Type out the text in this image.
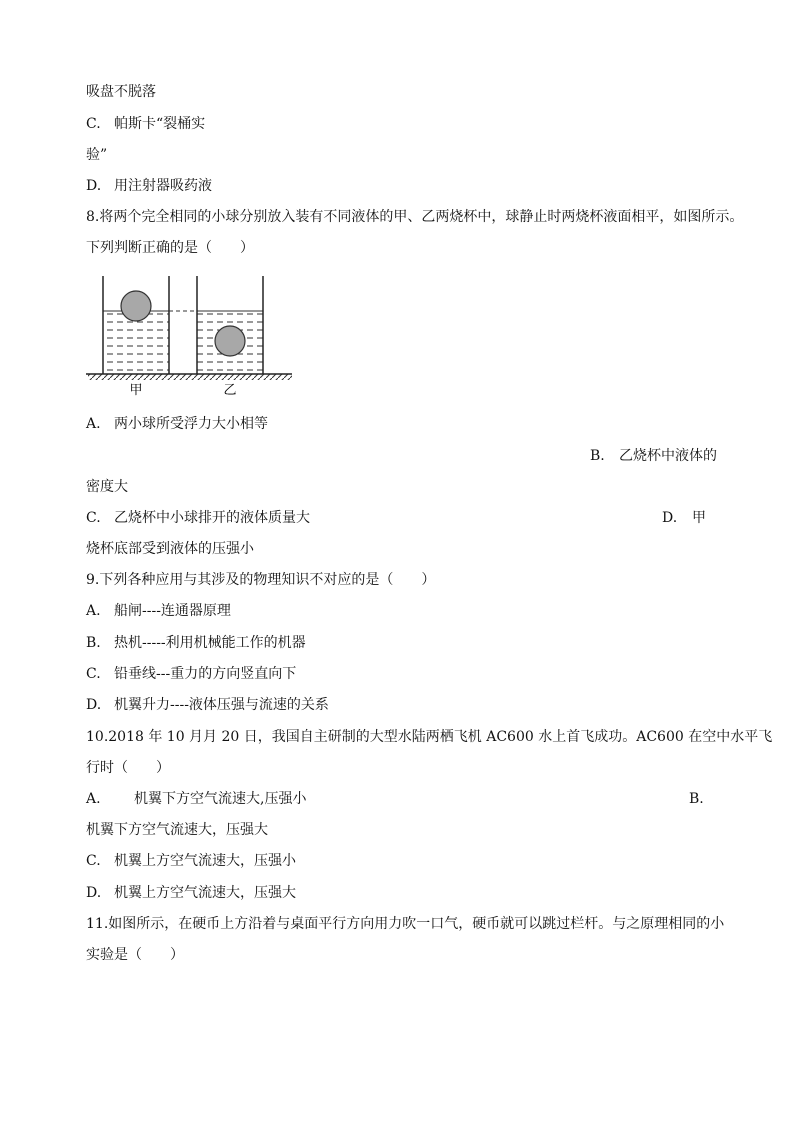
吸盘不脱落
C. 帕斯卡“裂桶实
验”
D. 用注射器吸药液
8.将两个完全相同的小球分别放入装有不同液体的甲、乙两烧杯中，球静止时两烧杯液面相平，如图所示。
下列判断正确的是（　　）
甲	乙
A. 两小球所受浮力大小相等
B. 乙烧杯中液体的
密度大
C. 乙烧杯中小球排开的液体质量大	D. 甲
烧杯底部受到液体的压强小
9.下列各种应用与其涉及的物理知识不对应的是（　　）
A. 船闸----连通器原理
B. 热机-----利用机械能工作的机器
C. 铅垂线---重力的方向竖直向下
D. 机翼升力----液体压强与流速的关系
10.2018 年 10 月月 20 日，我国自主研制的大型水陆两栖飞机 AC600 水上首飞成功。AC600 在空中水平飞
行时（　　）
A. 机翼下方空气流速大,压强小	B.
机翼下方空气流速大，压强大
C. 机翼上方空气流速大，压强小
D. 机翼上方空气流速大，压强大
11.如图所示，在硬币上方沿着与桌面平行方向用力吹一口气，硬币就可以跳过栏杆。与之原理相同的小
实验是（　　）
